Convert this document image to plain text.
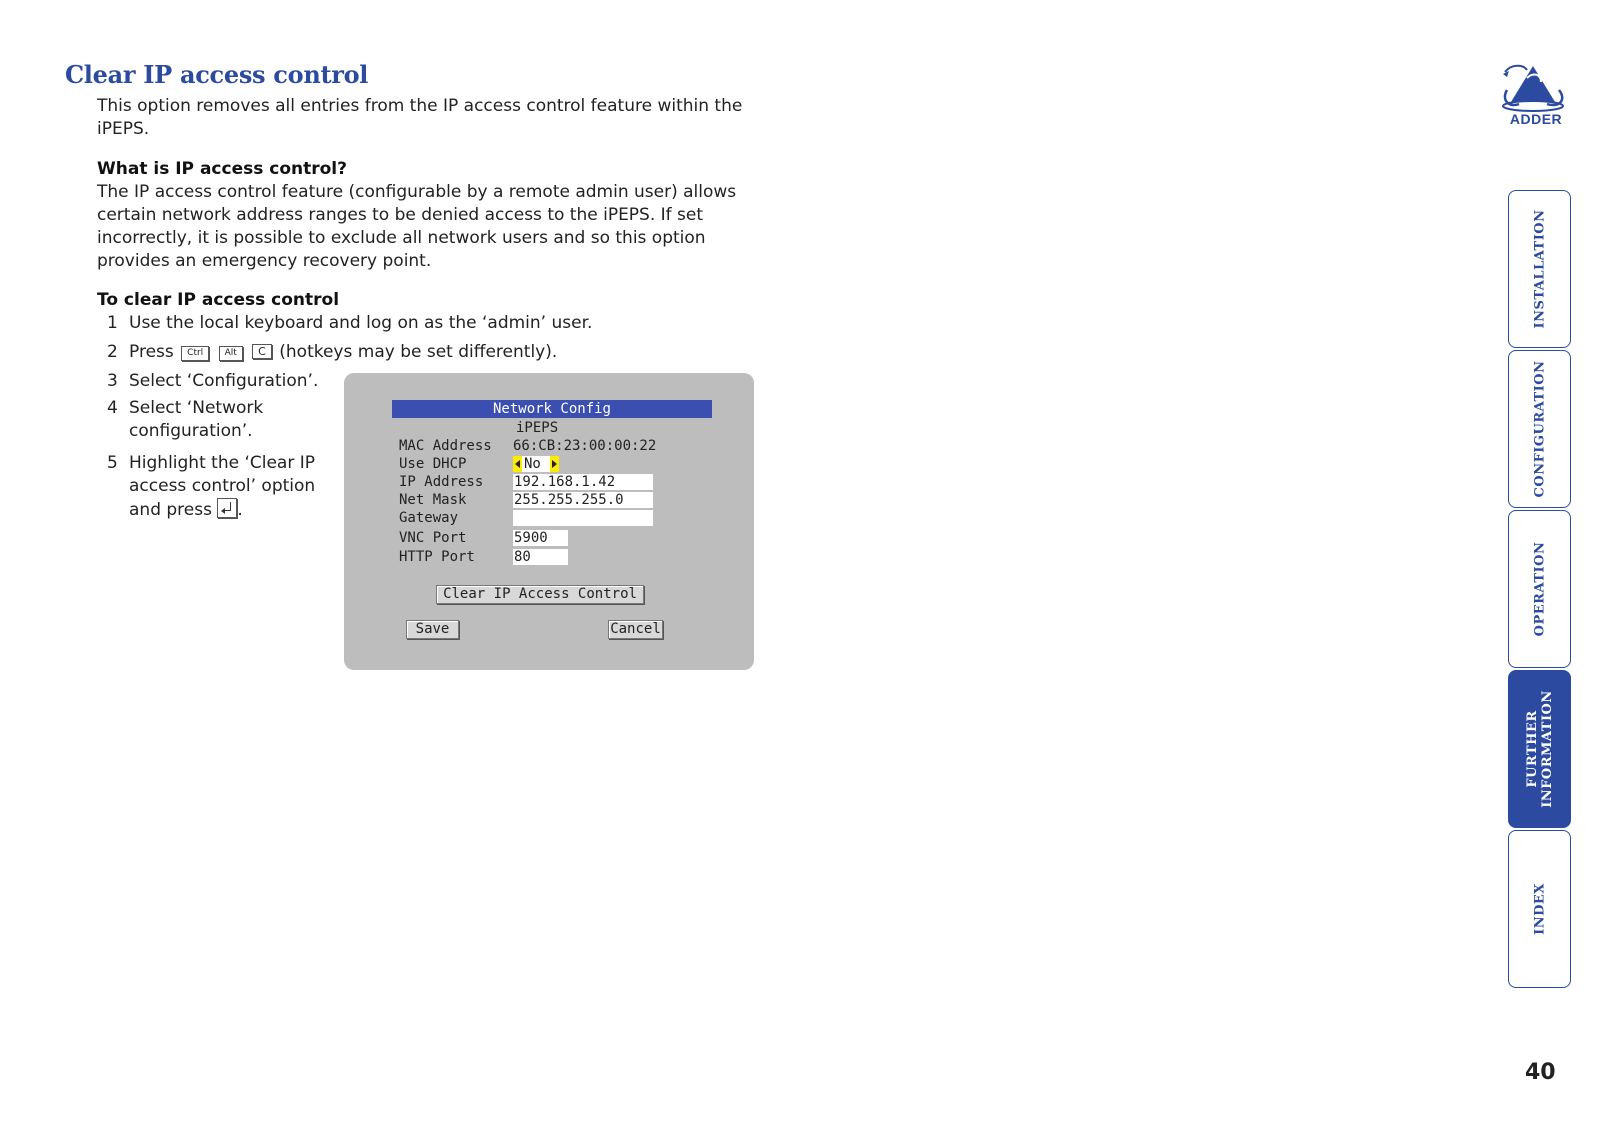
Clear IP access control

This option removes all entries from the IP access control feature within the iPEPS.

What is IP access control?

The IP access control feature (configurable by a remote admin user) allows certain network address ranges to be denied access to the iPEPS. If set incorrectly, it is possible to exclude all network users and so this option provides an emergency recovery point.

To clear IP access control
1 Use the local keyboard and log on as the ‘admin’ user.
2 Press Ctrl Alt C (hotkeys may be set differently).
3 Select ‘Configuration’.
4 Select ‘Network
configuration’.
5 Highlight the ‘Clear IP
access control’ option
and press .
Network Config
iPEPS
MAC Address 66:CB:23:00:00:22
Use DHCP	No
IP Address 192.168.1.42
Net Mask	255.255.255.0
Gateway
VNC Port	5900
HTTP Port	80
Clear IP Access Control
Save	Cancel
ADDER
INSTALLATION
CONFIGURATION
OPERATION
FURTHER
INFORMATION
INDEX
40
